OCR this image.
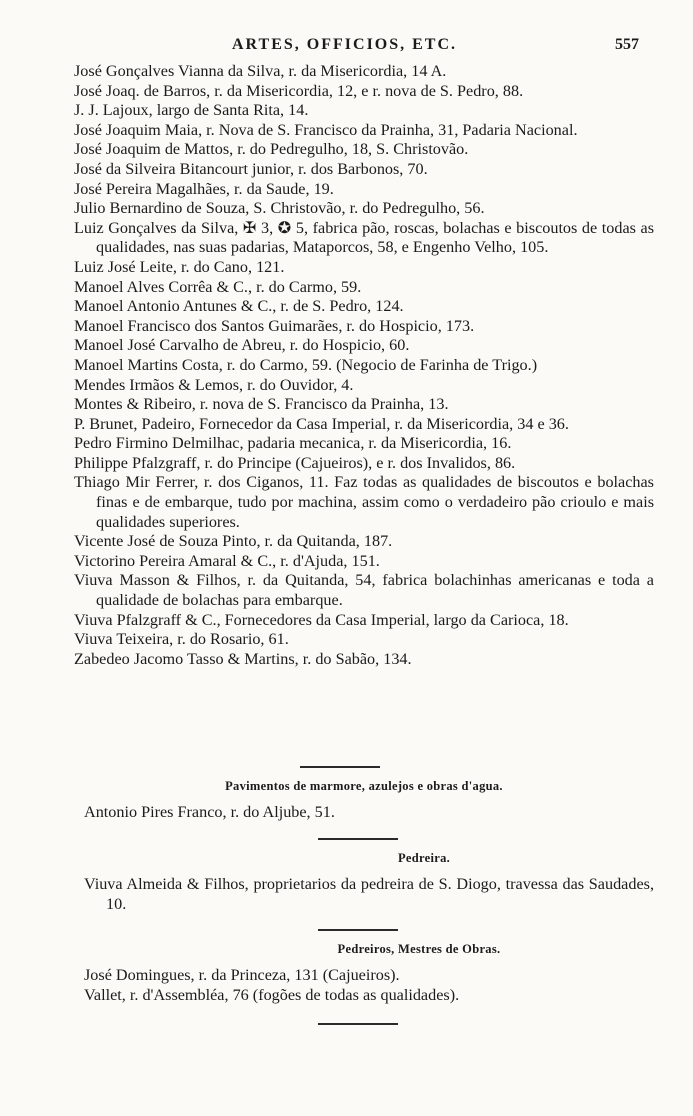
ARTES, OFFICIOS, ETC.	557
José Gonçalves Vianna da Silva, r. da Misericordia, 14 A.
José Joaq. de Barros, r. da Misericordia, 12, e r. nova de S. Pedro, 88.
J. J. Lajoux, largo de Santa Rita, 14.
José Joaquim Maia, r. Nova de S. Francisco da Prainha, 31, Padaria Nacional.
José Joaquim de Mattos, r. do Pedregulho, 18, S. Christovão.
José da Silveira Bitancourt junior, r. dos Barbonos, 70.
José Pereira Magalhães, r. da Saude, 19.
Julio Bernardino de Souza, S. Christovão, r. do Pedregulho, 56.
Luiz Gonçalves da Silva, ✠ 3, ✪ 5, fabrica pão, roscas, bolachas e biscoutos de todas as qualidades, nas suas padarias, Mataporcos, 58, e Engenho Velho, 105.
Luiz José Leite, r. do Cano, 121.
Manoel Alves Corrêa & C., r. do Carmo, 59.
Manoel Antonio Antunes & C., r. de S. Pedro, 124.
Manoel Francisco dos Santos Guimarães, r. do Hospicio, 173.
Manoel José Carvalho de Abreu, r. do Hospicio, 60.
Manoel Martins Costa, r. do Carmo, 59. (Negocio de Farinha de Trigo.)
Mendes Irmãos & Lemos, r. do Ouvidor, 4.
Montes & Ribeiro, r. nova de S. Francisco da Prainha, 13.
P. Brunet, Padeiro, Fornecedor da Casa Imperial, r. da Misericordia, 34 e 36.
Pedro Firmino Delmilhac, padaria mecanica, r. da Misericordia, 16.
Philippe Pfalzgraff, r. do Principe (Cajueiros), e r. dos Invalidos, 86.
Thiago Mir Ferrer, r. dos Ciganos, 11. Faz todas as qualidades de biscoutos e bolachas finas e de embarque, tudo por machina, assim como o verdadeiro pão crioulo e mais qualidades superiores.
Vicente José de Souza Pinto, r. da Quitanda, 187.
Victorino Pereira Amaral & C., r. d'Ajuda, 151.
Viuva Masson & Filhos, r. da Quitanda, 54, fabrica bolachinhas americanas e toda a qualidade de bolachas para embarque.
Viuva Pfalzgraff & C., Fornecedores da Casa Imperial, largo da Carioca, 18.
Viuva Teixeira, r. do Rosario, 61.
Zabedeo Jacomo Tasso & Martins, r. do Sabão, 134.
Pavimentos de marmore, azulejos e obras d'agua.
Antonio Pires Franco, r. do Aljube, 51.
Pedreira.
Viuva Almeida & Filhos, proprietarios da pedreira de S. Diogo, travessa das Saudades, 10.
Pedreiros, Mestres de Obras.
José Domingues, r. da Princeza, 131 (Cajueiros).
Vallet, r. d'Assembléa, 76 (fogões de todas as qualidades).
